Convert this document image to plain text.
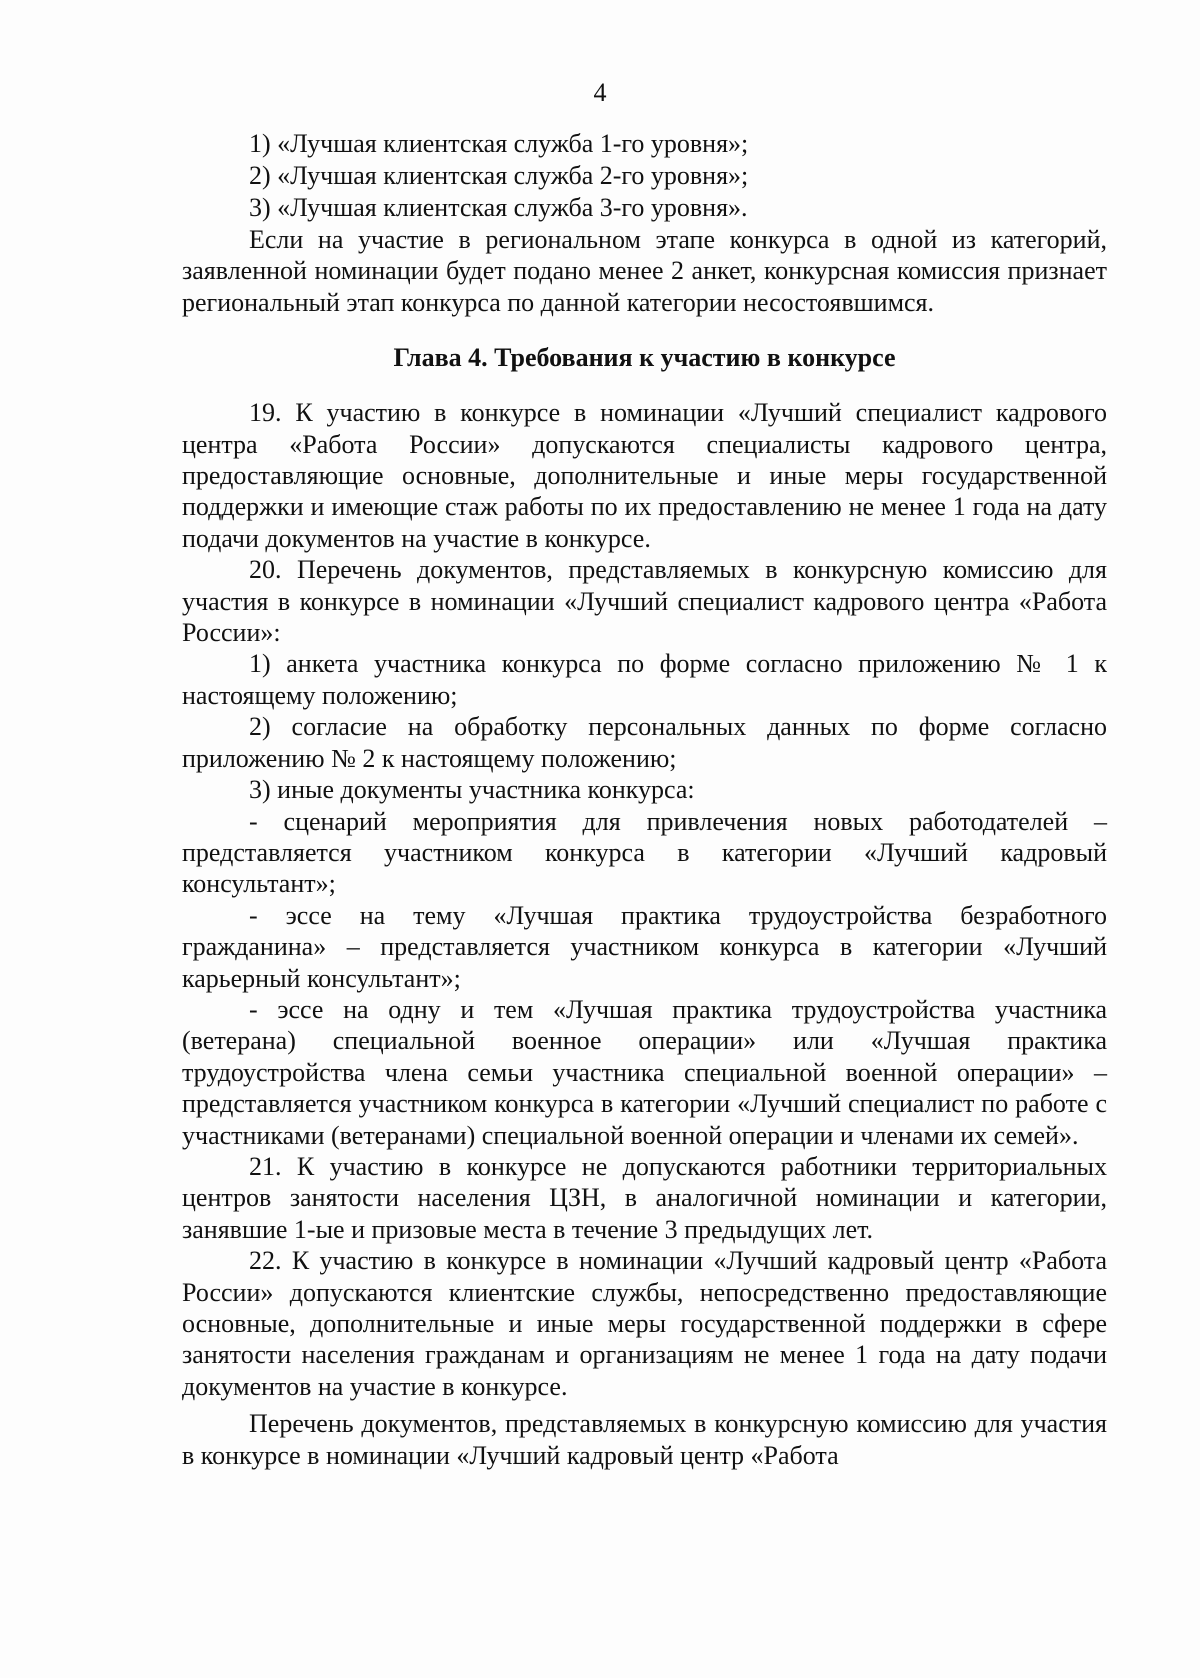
4

1) «Лучшая клиентская служба 1-го уровня»;

2) «Лучшая клиентская служба 2-го уровня»;

3) «Лучшая клиентская служба 3-го уровня».

Если на участие в региональном этапе конкурса в одной из категорий, заявленной номинации будет подано менее 2 анкет, конкурсная комиссия признает региональный этап конкурса по данной категории несостоявшимся.

Глава 4. Требования к участию в конкурсе

19. К участию в конкурсе в номинации «Лучший специалист кадрового центра «Работа России» допускаются специалисты кадрового центра, предоставляющие основные, дополнительные и иные меры государственной поддержки и имеющие стаж работы по их предоставлению не менее 1 года на дату подачи документов на участие в конкурсе.

20. Перечень документов, представляемых в конкурсную комиссию для участия в конкурсе в номинации «Лучший специалист кадрового центра «Работа России»:

1) анкета участника конкурса по форме согласно приложению № 1 к настоящему положению;

2) согласие на обработку персональных данных по форме согласно приложению № 2 к настоящему положению;

3) иные документы участника конкурса:

- сценарий мероприятия для привлечения новых работодателей – представляется участником конкурса в категории «Лучший кадровый консультант»;

- эссе на тему «Лучшая практика трудоустройства безработного гражданина» – представляется участником конкурса в категории «Лучший карьерный консультант»;

- эссе на одну и тем «Лучшая практика трудоустройства участника (ветерана) специальной военное операции» или «Лучшая практика трудоустройства члена семьи участника специальной военной операции» – представляется участником конкурса в категории «Лучший специалист по работе с участниками (ветеранами) специальной военной операции и членами их семей».

21. К участию в конкурсе не допускаются работники территориальных центров занятости населения ЦЗН, в аналогичной номинации и категории, занявшие 1-ые и призовые места в течение 3 предыдущих лет.

22. К участию в конкурсе в номинации «Лучший кадровый центр «Работа России» допускаются клиентские службы, непосредственно предоставляющие основные, дополнительные и иные меры государственной поддержки в сфере занятости населения гражданам и организациям не менее 1 года на дату подачи документов на участие в конкурсе.

Перечень документов, представляемых в конкурсную комиссию для участия в конкурсе в номинации «Лучший кадровый центр «Работа
